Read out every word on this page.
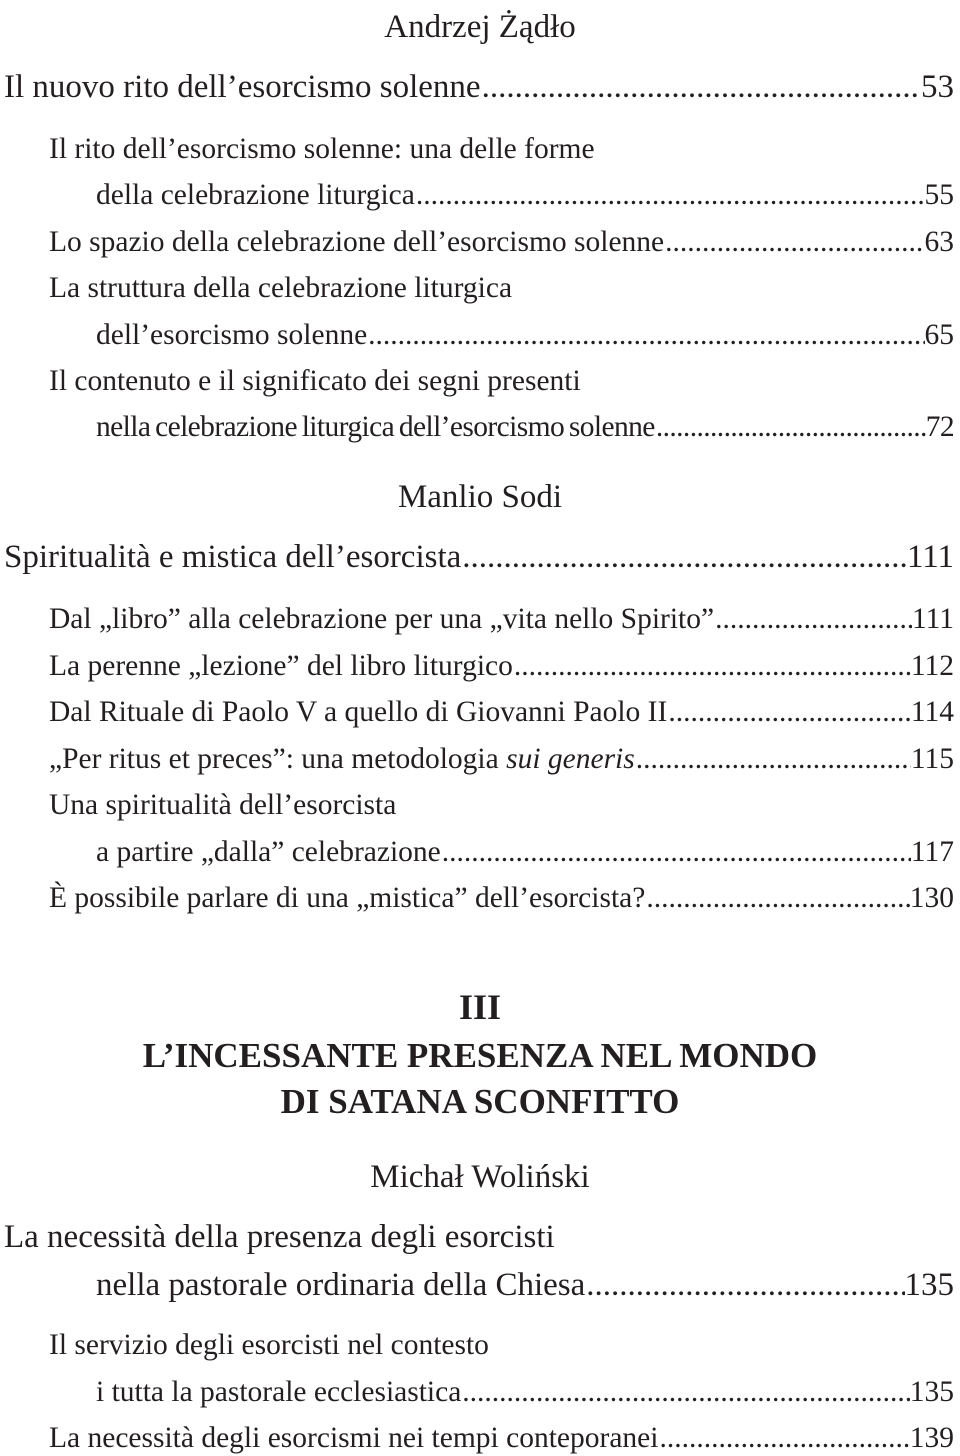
Andrzej Żądło
Il nuovo rito dell’esorcismo solenne .....	53
Il rito dell’esorcismo solenne: una delle forme
della celebrazione liturgica .....	55
Lo spazio della celebrazione dell’esorcismo solenne .....	63
La struttura della celebrazione liturgica
dell’esorcismo solenne .....	65
Il contenuto e il significato dei segni presenti
nella celebrazione liturgica dell’esorcismo solenne .....	72
Manlio Sodi
Spiritualità e mistica dell’esorcista .....	111
Dal „libro” alla celebrazione per una „vita nello Spirito” .....	111
La perenne „lezione” del libro liturgico .....	112
Dal Rituale di Paolo V a quello di Giovanni Paolo II .....	114
„Per ritus et preces”: una metodologia sui generis .....	115
Una spiritualità dell’esorcista
a partire „dalla” celebrazione .....	117
È possibile parlare di una „mistica” dell’esorcista? .....	130
III
L’INCESSANTE PRESENZA NEL MONDO
DI SATANA SCONFITTO
Michał Woliński
La necessità della presenza degli esorcisti
nella pastorale ordinaria della Chiesa .....	135
Il servizio degli esorcisti nel contesto
i tutta la pastorale ecclesiastica .....	135
La necessità degli esorcismi nei tempi conteporanei .....	139
